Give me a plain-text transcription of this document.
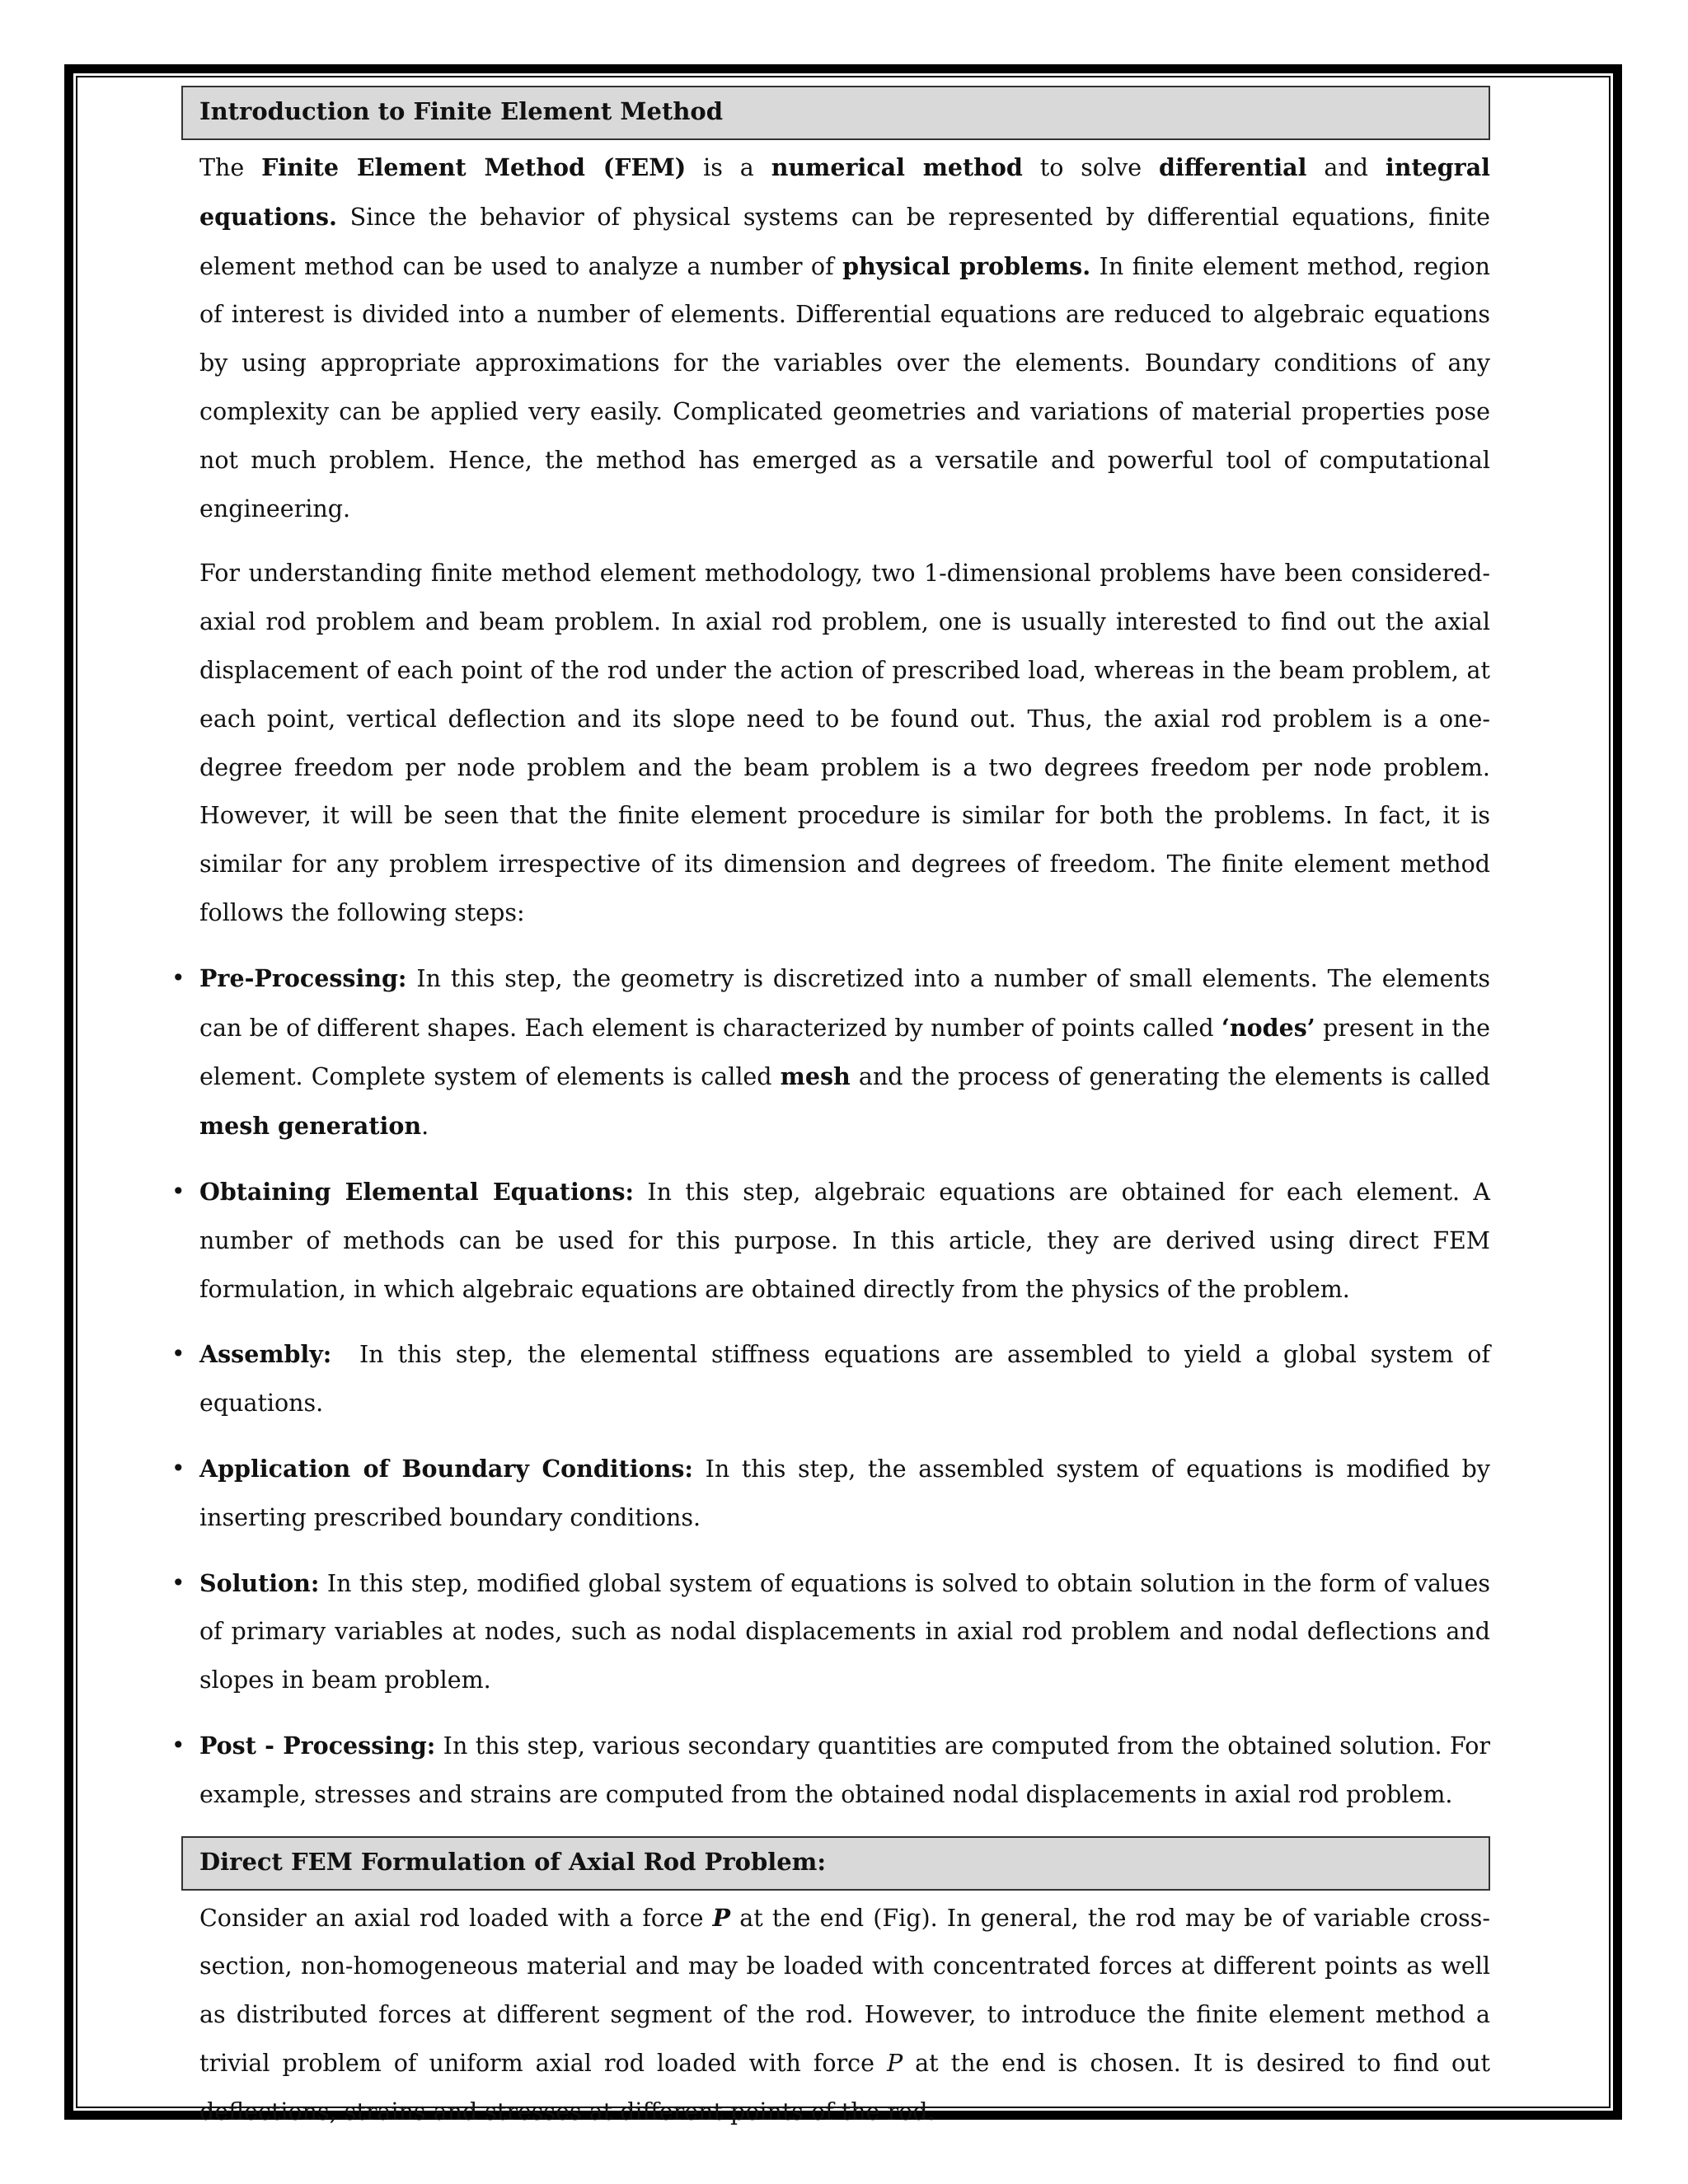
Introduction to Finite Element Method

The Finite Element Method (FEM) is a numerical method to solve differential and integral equations. Since the behavior of physical systems can be represented by differential equations, finite element method can be used to analyze a number of physical problems. In finite element method, region of interest is divided into a number of elements. Differential equations are reduced to algebraic equations by using appropriate approximations for the variables over the elements. Boundary conditions of any complexity can be applied very easily. Complicated geometries and variations of material properties pose not much problem. Hence, the method has emerged as a versatile and powerful tool of computational engineering.

For understanding finite method element methodology, two 1-dimensional problems have been considered- axial rod problem and beam problem. In axial rod problem, one is usually interested to find out the axial displacement of each point of the rod under the action of prescribed load, whereas in the beam problem, at each point, vertical deflection and its slope need to be found out. Thus, the axial rod problem is a one-degree freedom per node problem and the beam problem is a two degrees freedom per node problem. However, it will be seen that the finite element procedure is similar for both the problems. In fact, it is similar for any problem irrespective of its dimension and degrees of freedom. The finite element method follows the following steps:

• Pre-Processing: In this step, the geometry is discretized into a number of small elements. The elements can be of different shapes. Each element is characterized by number of points called ‘nodes’ present in the element. Complete system of elements is called mesh and the process of generating the elements is called mesh generation.
• Obtaining Elemental Equations: In this step, algebraic equations are obtained for each element. A number of methods can be used for this purpose. In this article, they are derived using direct FEM formulation, in which algebraic equations are obtained directly from the physics of the problem.
• Assembly:  In this step, the elemental stiffness equations are assembled to yield a global system of equations.
• Application of Boundary Conditions: In this step, the assembled system of equations is modified by inserting prescribed boundary conditions.
• Solution: In this step, modified global system of equations is solved to obtain solution in the form of values of primary variables at nodes, such as nodal displacements in axial rod problem and nodal deflections and slopes in beam problem.
• Post - Processing: In this step, various secondary quantities are computed from the obtained solution. For example, stresses and strains are computed from the obtained nodal displacements in axial rod problem.
Direct FEM Formulation of Axial Rod Problem:

Consider an axial rod loaded with a force P at the end (Fig). In general, the rod may be of variable cross-section, non-homogeneous material and may be loaded with concentrated forces at different points as well as distributed forces at different segment of the rod. However, to introduce the finite element method a trivial problem of uniform axial rod loaded with force P at the end is chosen. It is desired to find out deflections, strains and stresses at different points of the rod.
